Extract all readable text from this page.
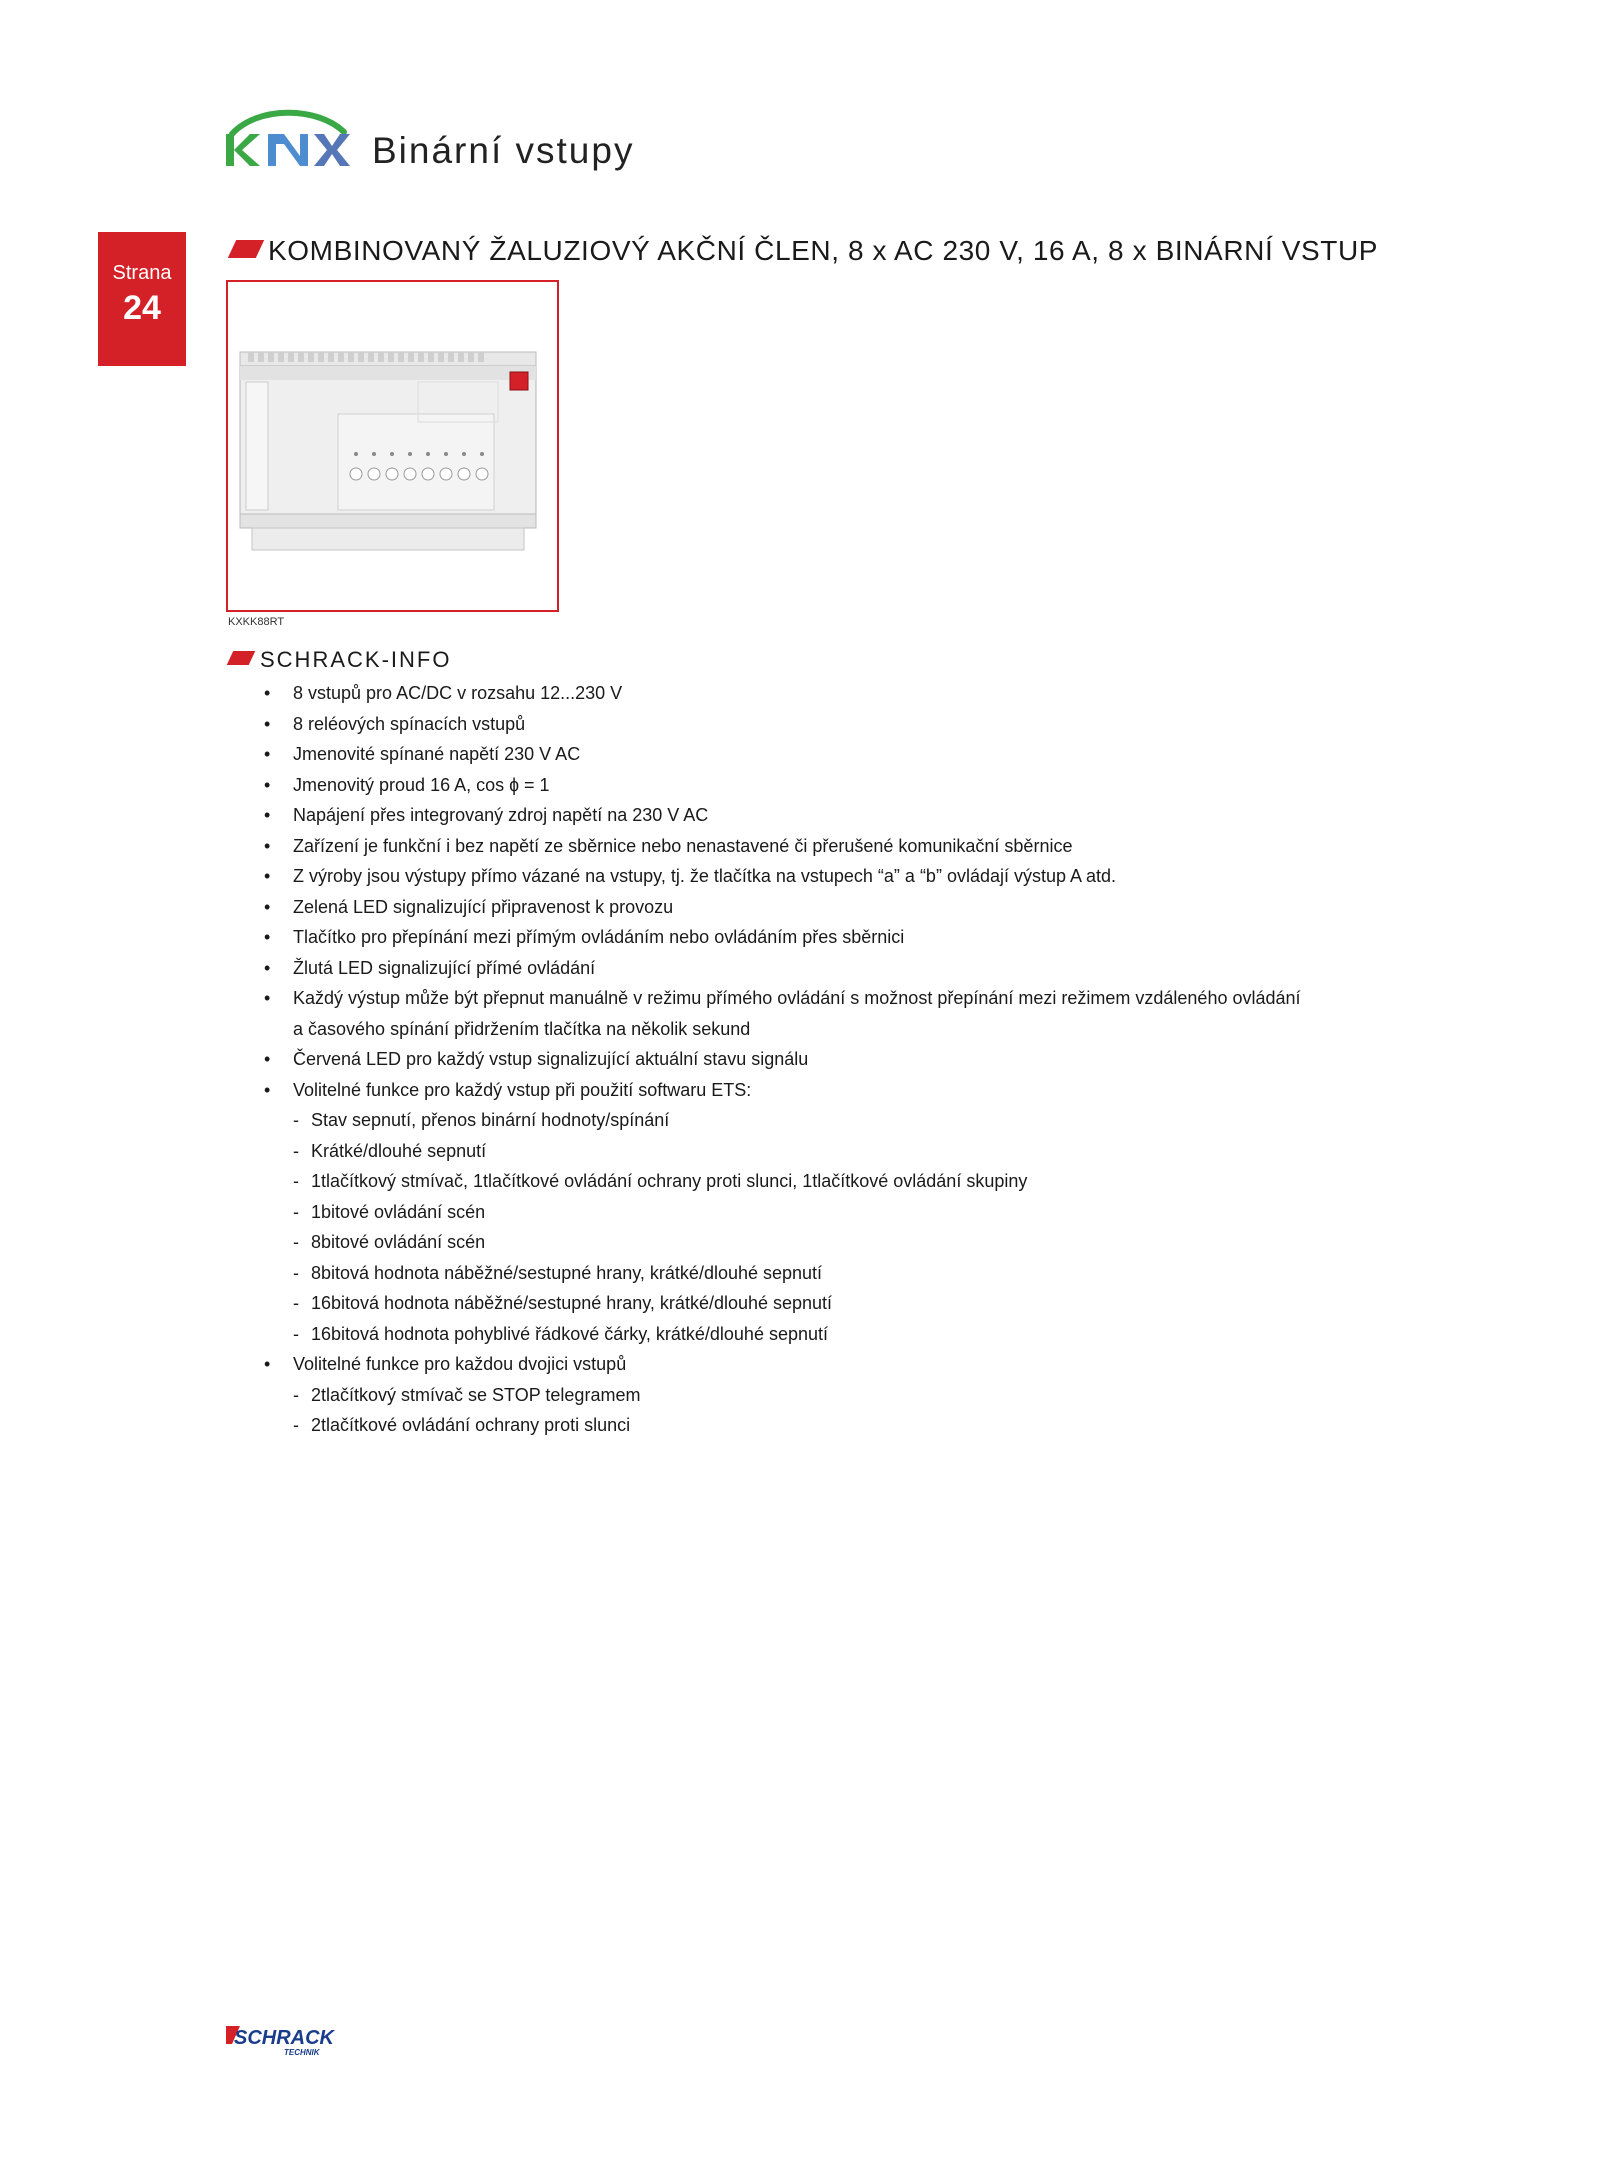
Binární vstupy
Strana
24
KOMBINOVANÝ ŽALUZIOVÝ AKČNÍ ČLEN, 8 x AC 230 V, 16 A, 8 x BINÁRNÍ VSTUP
KXKK88RT
SCHRACK-INFO
• 8 vstupů pro AC/DC v rozsahu 12...230 V
• 8 reléových spínacích vstupů
• Jmenovité spínané napětí 230 V AC
• Jmenovitý proud 16 A, cos ɸ = 1
• Napájení přes integrovaný zdroj napětí na 230 V AC
• Zařízení je funkční i bez napětí ze sběrnice nebo nenastavené či přerušené komunikační sběrnice
• Z výroby jsou výstupy přímo vázané na vstupy, tj. že tlačítka na vstupech “a” a “b” ovládají výstup A atd.
• Zelená LED signalizující připravenost k provozu
• Tlačítko pro přepínání mezi přímým ovládáním nebo ovládáním přes sběrnici
• Žlutá LED signalizující přímé ovládání
• Každý výstup může být přepnut manuálně v režimu přímého ovládání s možnost přepínání mezi režimem vzdáleného ovládání
a časového spínání přidržením tlačítka na několik sekund
• Červená LED pro každý vstup signalizující aktuální stavu signálu
• Volitelné funkce pro každý vstup při použití softwaru ETS:
- Stav sepnutí, přenos binární hodnoty/spínání
- Krátké/dlouhé sepnutí
- 1tlačítkový stmívač, 1tlačítkové ovládání ochrany proti slunci, 1tlačítkové ovládání skupiny
- 1bitové ovládání scén
- 8bitové ovládání scén
- 8bitová hodnota náběžné/sestupné hrany, krátké/dlouhé sepnutí
- 16bitová hodnota náběžné/sestupné hrany, krátké/dlouhé sepnutí
- 16bitová hodnota pohyblivé řádkové čárky, krátké/dlouhé sepnutí
• Volitelné funkce pro každou dvojici vstupů
- 2tlačítkový stmívač se STOP telegramem
- 2tlačítkové ovládání ochrany proti slunci
SCHRACK
TECHNIK
